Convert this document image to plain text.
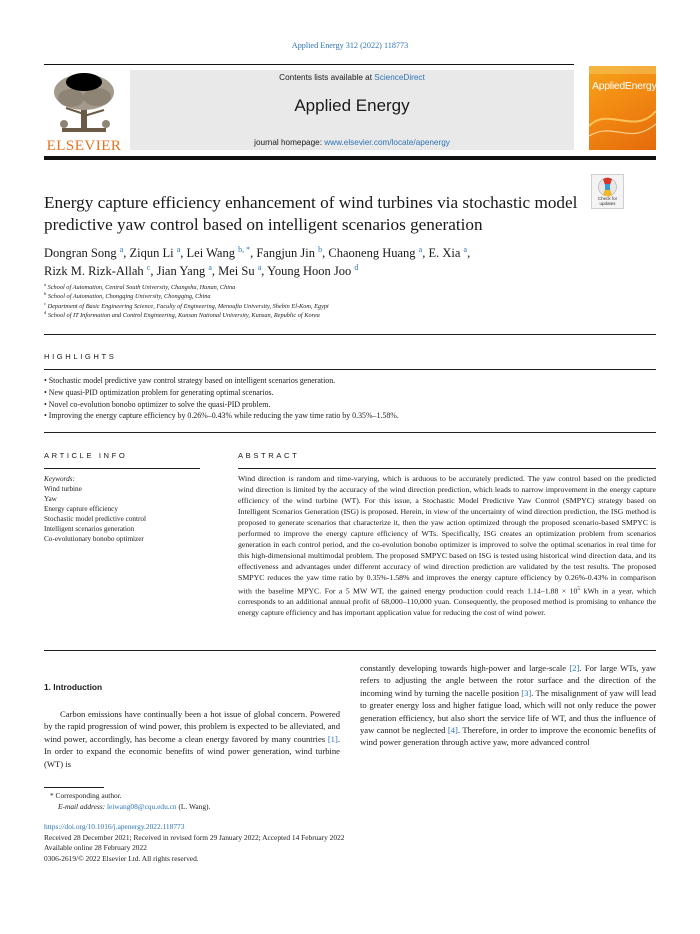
Applied Energy 312 (2022) 118773
ELSEVIER
Contents lists available at ScienceDirect
Applied Energy
journal homepage: www.elsevier.com/locate/apenergy
AppliedEnergy
Check for updates
Energy capture efficiency enhancement of wind turbines via stochastic model predictive yaw control based on intelligent scenarios generation
Dongran Song $^a$, Ziqun Li $^a$, Lei Wang $^{b, *}$, Fangjun Jin $^b$, Chaoneng Huang $^a$, E. Xia $^a$,
Rizk M. Rizk-Allah $^c$, Jian Yang $^a$, Mei Su $^a$, Young Hoon Joo $^d$
$^a$ School of Automation, Central South University, Changsha, Hunan, China
$^b$ School of Automation, Chongqing University, Chongqing, China
$^c$ Department of Basic Engineering Science, Faculty of Engineering, Menoufia University, Shebin El-Kom, Egypt
$^d$ School of IT Information and Control Engineering, Kunsan National University, Kunsan, Republic of Korea
HIGHLIGHTS
• Stochastic model predictive yaw control strategy based on intelligent scenarios generation.
• New quasi-PID optimization problem for generating optimal scenarios.
• Novel co-evolution bonobo optimizer to solve the quasi-PID problem.
• Improving the energy capture efficiency by 0.26%–0.43% while reducing the yaw time ratio by 0.35%–1.58%.
ARTICLE INFO	ABSTRACT
Keywords:
Wind turbine
Yaw
Energy capture efficiency
Stochastic model predictive control
Intelligent scenarios generation
Co-evolutionary bonobo optimizer
Wind direction is random and time-varying, which is arduous to be accurately predicted. The yaw control based on the predicted wind direction is limited by the accuracy of the wind direction prediction, which leads to narrow improvement in the energy capture efficiency of the wind turbine (WT). For this issue, a Stochastic Model Predictive Yaw Control (SMPYC) strategy based on Intelligent Scenarios Generation (ISG) is proposed. Herein, in view of the uncertainty of wind direction prediction, the ISG method is proposed to generate scenarios that characterize it, then the yaw action optimized through the proposed scenario-based SMPYC is performed to improve the energy capture efficiency of WTs. Specifically, ISG creates an optimization problem from scenarios generation in each control period, and the co-evolution bonobo optimizer is improved to solve the optimal scenarios in real time for this high-dimensional multimodal problem. The proposed SMPYC based on ISG is tested using historical wind direction data, and its effectiveness and advantages under different accuracy of wind direction prediction are validated by the test results. The proposed SMPYC reduces the yaw time ratio by 0.35%-1.58% and improves the energy capture efficiency by 0.26%-0.43% in comparison with the baseline MPYC. For a 5 MW WT, the gained energy production could reach $1.14-1.88 \times 10^5$ kWh in a year, which corresponds to an additional annual profit of 68,000–110,000 yuan. Consequently, the proposed method is promising to enhance the energy capture efficiency and has important application value for reducing the cost of wind power.
1. Introduction
Carbon emissions have continually been a hot issue of global concern. Powered by the rapid progression of wind power, this problem is expected to be alleviated, and wind power, accordingly, has become a clean energy favored by many countries [1]. In order to expand the economic benefits of wind power generation, wind turbine (WT) is
constantly developing towards high-power and large-scale [2]. For large WTs, yaw refers to adjusting the angle between the rotor surface and the direction of the incoming wind by turning the nacelle position [3]. The misalignment of yaw will lead to greater energy loss and higher fatigue load, which will not only reduce the power generation efficiency, but also short the service life of WT, and thus the influence of yaw cannot be neglected [4]. Therefore, in order to improve the economic benefits of wind power generation through active yaw, more advanced control
* Corresponding author.
E-mail address: leiwang08@cqu.edu.cn (L. Wang).
https://doi.org/10.1016/j.apenergy.2022.118773
Received 28 December 2021; Received in revised form 29 January 2022; Accepted 14 February 2022
Available online 28 February 2022
0306-2619/© 2022 Elsevier Ltd. All rights reserved.
